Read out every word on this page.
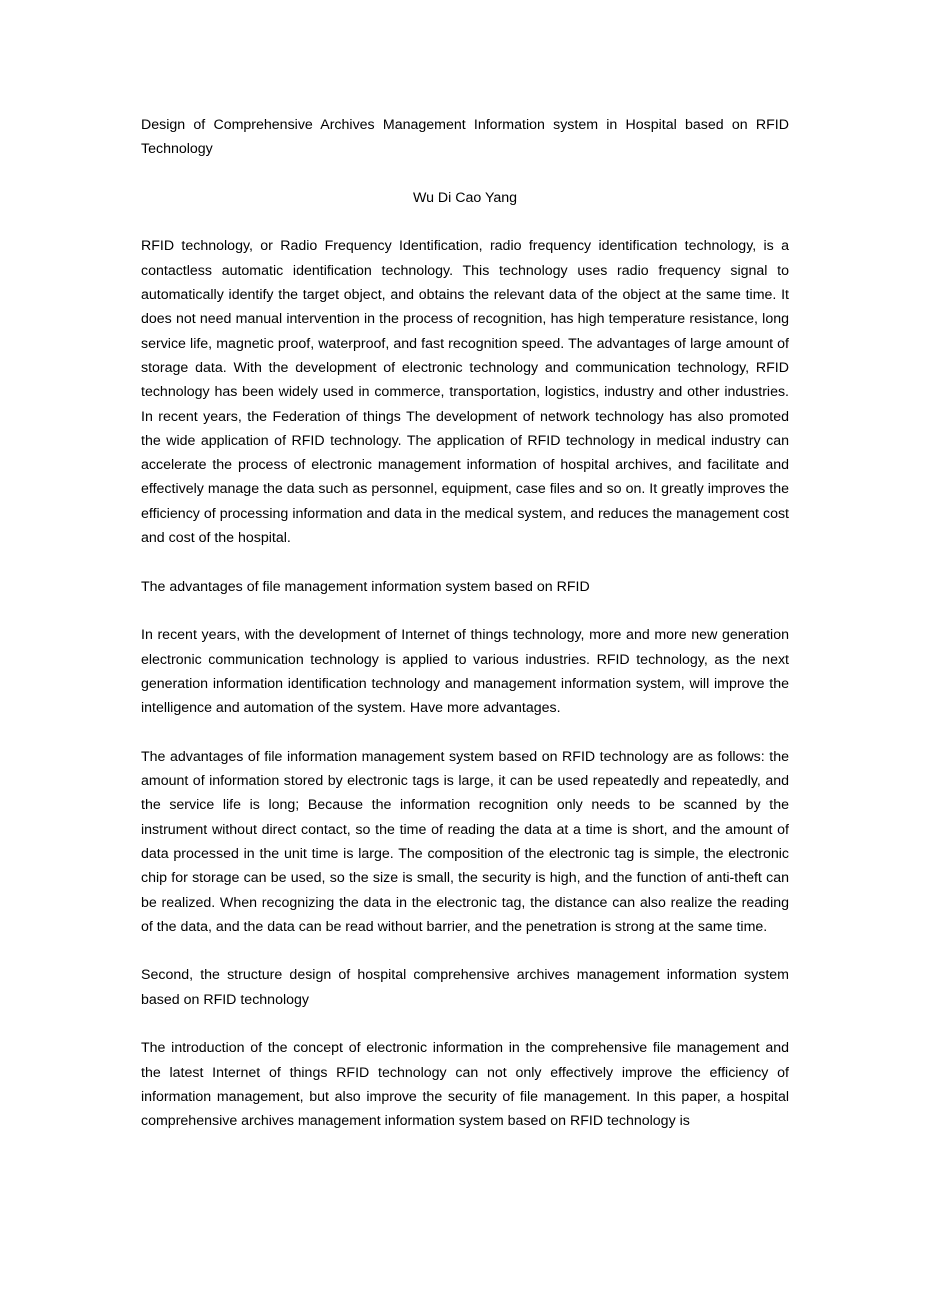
Design of Comprehensive Archives Management Information system in Hospital based on RFID Technology

Wu Di Cao Yang

RFID technology, or Radio Frequency Identification, radio frequency identification technology, is a contactless automatic identification technology. This technology uses radio frequency signal to automatically identify the target object, and obtains the relevant data of the object at the same time. It does not need manual intervention in the process of recognition, has high temperature resistance, long service life, magnetic proof, waterproof, and fast recognition speed. The advantages of large amount of storage data. With the development of electronic technology and communication technology, RFID technology has been widely used in commerce, transportation, logistics, industry and other industries. In recent years, the Federation of things The development of network technology has also promoted the wide application of RFID technology. The application of RFID technology in medical industry can accelerate the process of electronic management information of hospital archives, and facilitate and effectively manage the data such as personnel, equipment, case files and so on. It greatly improves the efficiency of processing information and data in the medical system, and reduces the management cost and cost of the hospital.

The advantages of file management information system based on RFID

In recent years, with the development of Internet of things technology, more and more new generation electronic communication technology is applied to various industries. RFID technology, as the next generation information identification technology and management information system, will improve the intelligence and automation of the system. Have more advantages.

The advantages of file information management system based on RFID technology are as follows: the amount of information stored by electronic tags is large, it can be used repeatedly and repeatedly, and the service life is long; Because the information recognition only needs to be scanned by the instrument without direct contact, so the time of reading the data at a time is short, and the amount of data processed in the unit time is large. The composition of the electronic tag is simple, the electronic chip for storage can be used, so the size is small, the security is high, and the function of anti-theft can be realized. When recognizing the data in the electronic tag, the distance can also realize the reading of the data, and the data can be read without barrier, and the penetration is strong at the same time.

Second, the structure design of hospital comprehensive archives management information system based on RFID technology

The introduction of the concept of electronic information in the comprehensive file management and the latest Internet of things RFID technology can not only effectively improve the efficiency of information management, but also improve the security of file management. In this paper, a hospital comprehensive archives management information system based on RFID technology is
